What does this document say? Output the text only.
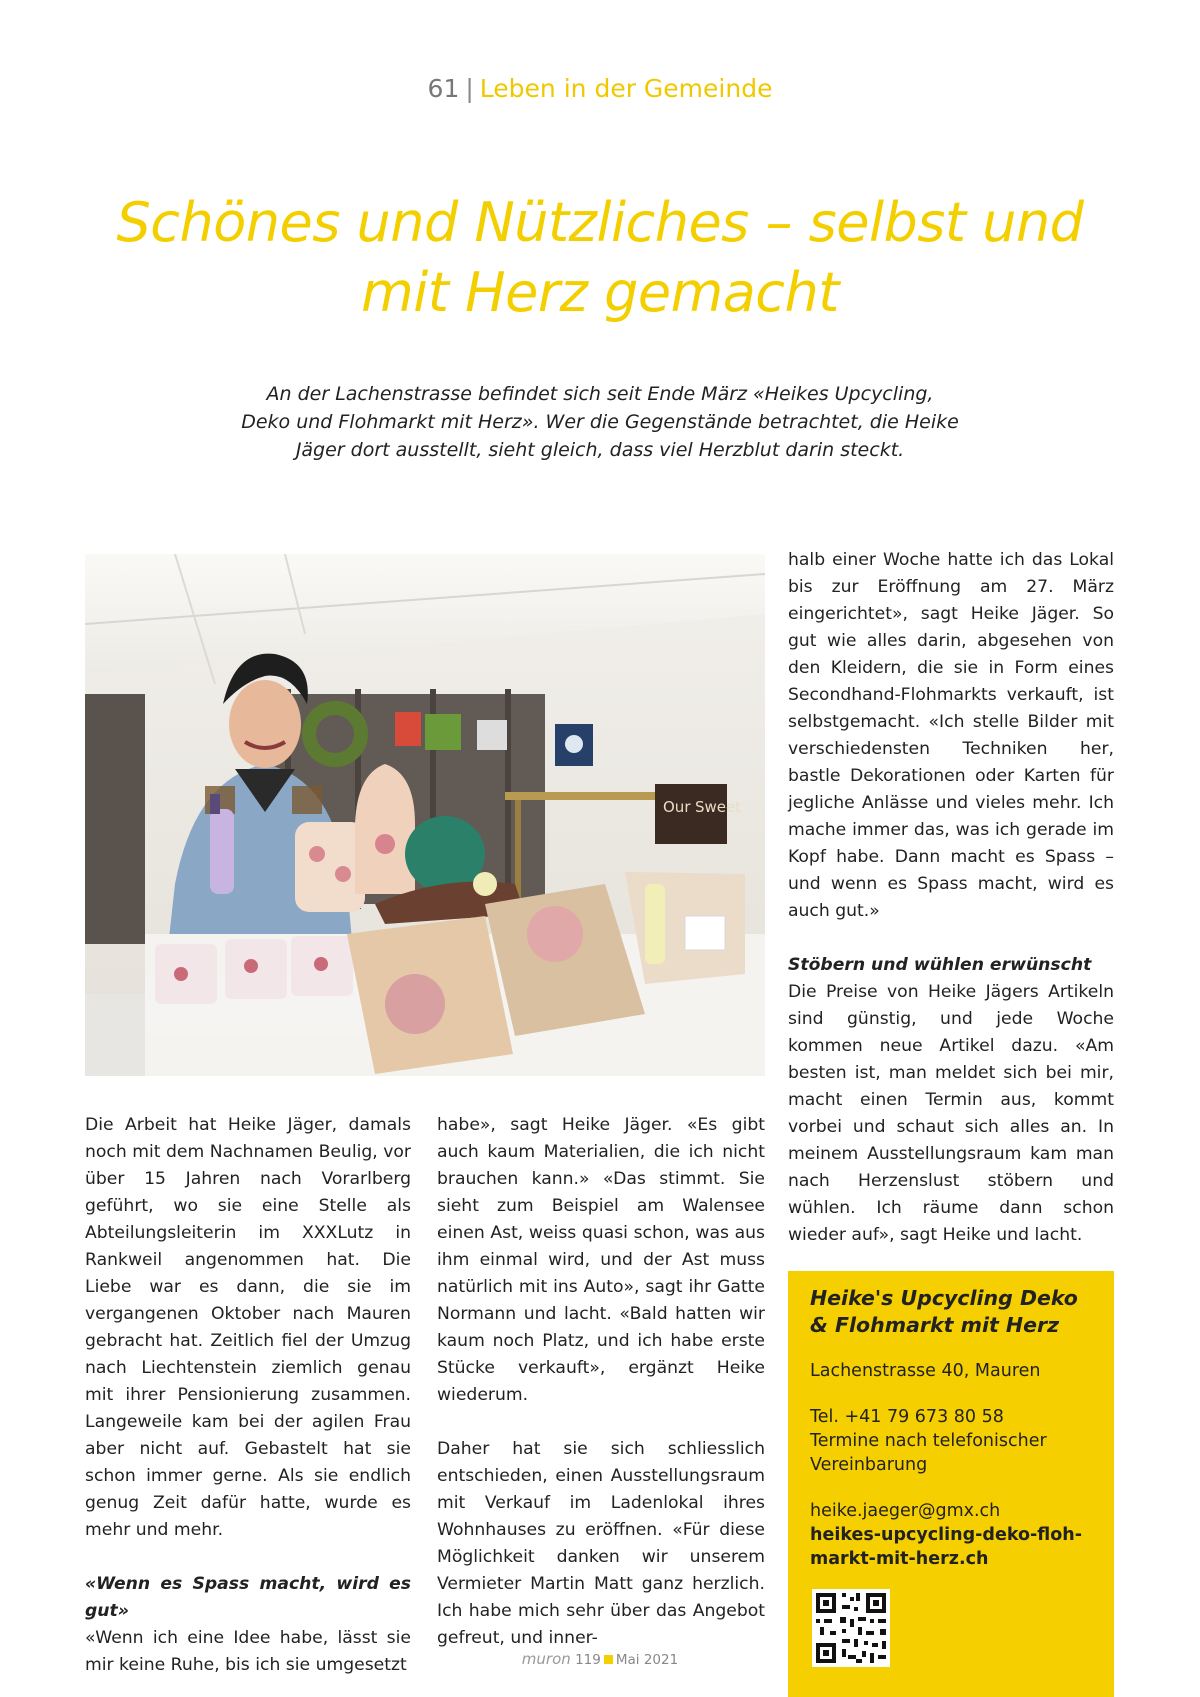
61 | Leben in der Gemeinde
Schönes und Nützliches – selbst und mit Herz gemacht
An der Lachenstrasse befindet sich seit Ende März «Heikes Upcycling, Deko und Flohmarkt mit Herz». Wer die Gegenstände betrachtet, die Heike Jäger dort ausstellt, sieht gleich, dass viel Herzblut darin steckt.
Our Sweet

Die Arbeit hat Heike Jäger, damals noch mit dem Nachnamen Beulig, vor über 15 Jahren nach Vorarlberg geführt, wo sie eine Stelle als Abteilungsleiterin im XXXLutz in Rankweil angenommen hat. Die Liebe war es dann, die sie im vergangenen Oktober nach Mauren gebracht hat. Zeitlich fiel der Umzug nach Liechtenstein ziemlich genau mit ihrer Pensionierung zusammen. Langeweile kam bei der agilen Frau aber nicht auf. Gebastelt hat sie schon immer gerne. Als sie endlich genug Zeit dafür hatte, wurde es mehr und mehr.

«Wenn es Spass macht, wird es gut»
«Wenn ich eine Idee habe, lässt sie mir keine Ruhe, bis ich sie umgesetzt

habe», sagt Heike Jäger. «Es gibt auch kaum Materialien, die ich nicht brauchen kann.» «Das stimmt. Sie sieht zum Beispiel am Walensee einen Ast, weiss quasi schon, was aus ihm einmal wird, und der Ast muss natürlich mit ins Auto», sagt ihr Gatte Normann und lacht. «Bald hatten wir kaum noch Platz, und ich habe erste Stücke verkauft», ergänzt Heike wiederum.

Daher hat sie sich schliesslich entschieden, einen Ausstellungsraum mit Verkauf im Ladenlokal ihres Wohnhauses zu eröffnen. «Für diese Möglichkeit danken wir unserem Vermieter Martin Matt ganz herzlich. Ich habe mich sehr über das Angebot gefreut, und inner-

halb einer Woche hatte ich das Lokal bis zur Eröffnung am 27. März eingerichtet», sagt Heike Jäger. So gut wie alles darin, abgesehen von den Kleidern, die sie in Form eines Secondhand-Flohmarkts verkauft, ist selbstgemacht. «Ich stelle Bilder mit verschiedensten Techniken her, bastle Dekorationen oder Karten für jegliche Anlässe und vieles mehr. Ich mache immer das, was ich gerade im Kopf habe. Dann macht es Spass – und wenn es Spass macht, wird es auch gut.»

Stöbern und wühlen erwünscht
Die Preise von Heike Jägers Artikeln sind günstig, und jede Woche kommen neue Artikel dazu. «Am besten ist, man meldet sich bei mir, macht einen Termin aus, kommt vorbei und schaut sich alles an. In meinem Ausstellungsraum kam man nach Herzenslust stöbern und wühlen. Ich räume dann schon wieder auf», sagt Heike und lacht.
Heike's Upcycling Deko & Flohmarkt mit Herz
Lachenstrasse 40, Mauren
Tel. +41 79 673 80 58
Termine nach telefonischer
Vereinbarung
heike.jaeger@gmx.ch
heikes-upcycling-deko-floh-
markt-mit-herz.ch
muron 119 Mai 2021
